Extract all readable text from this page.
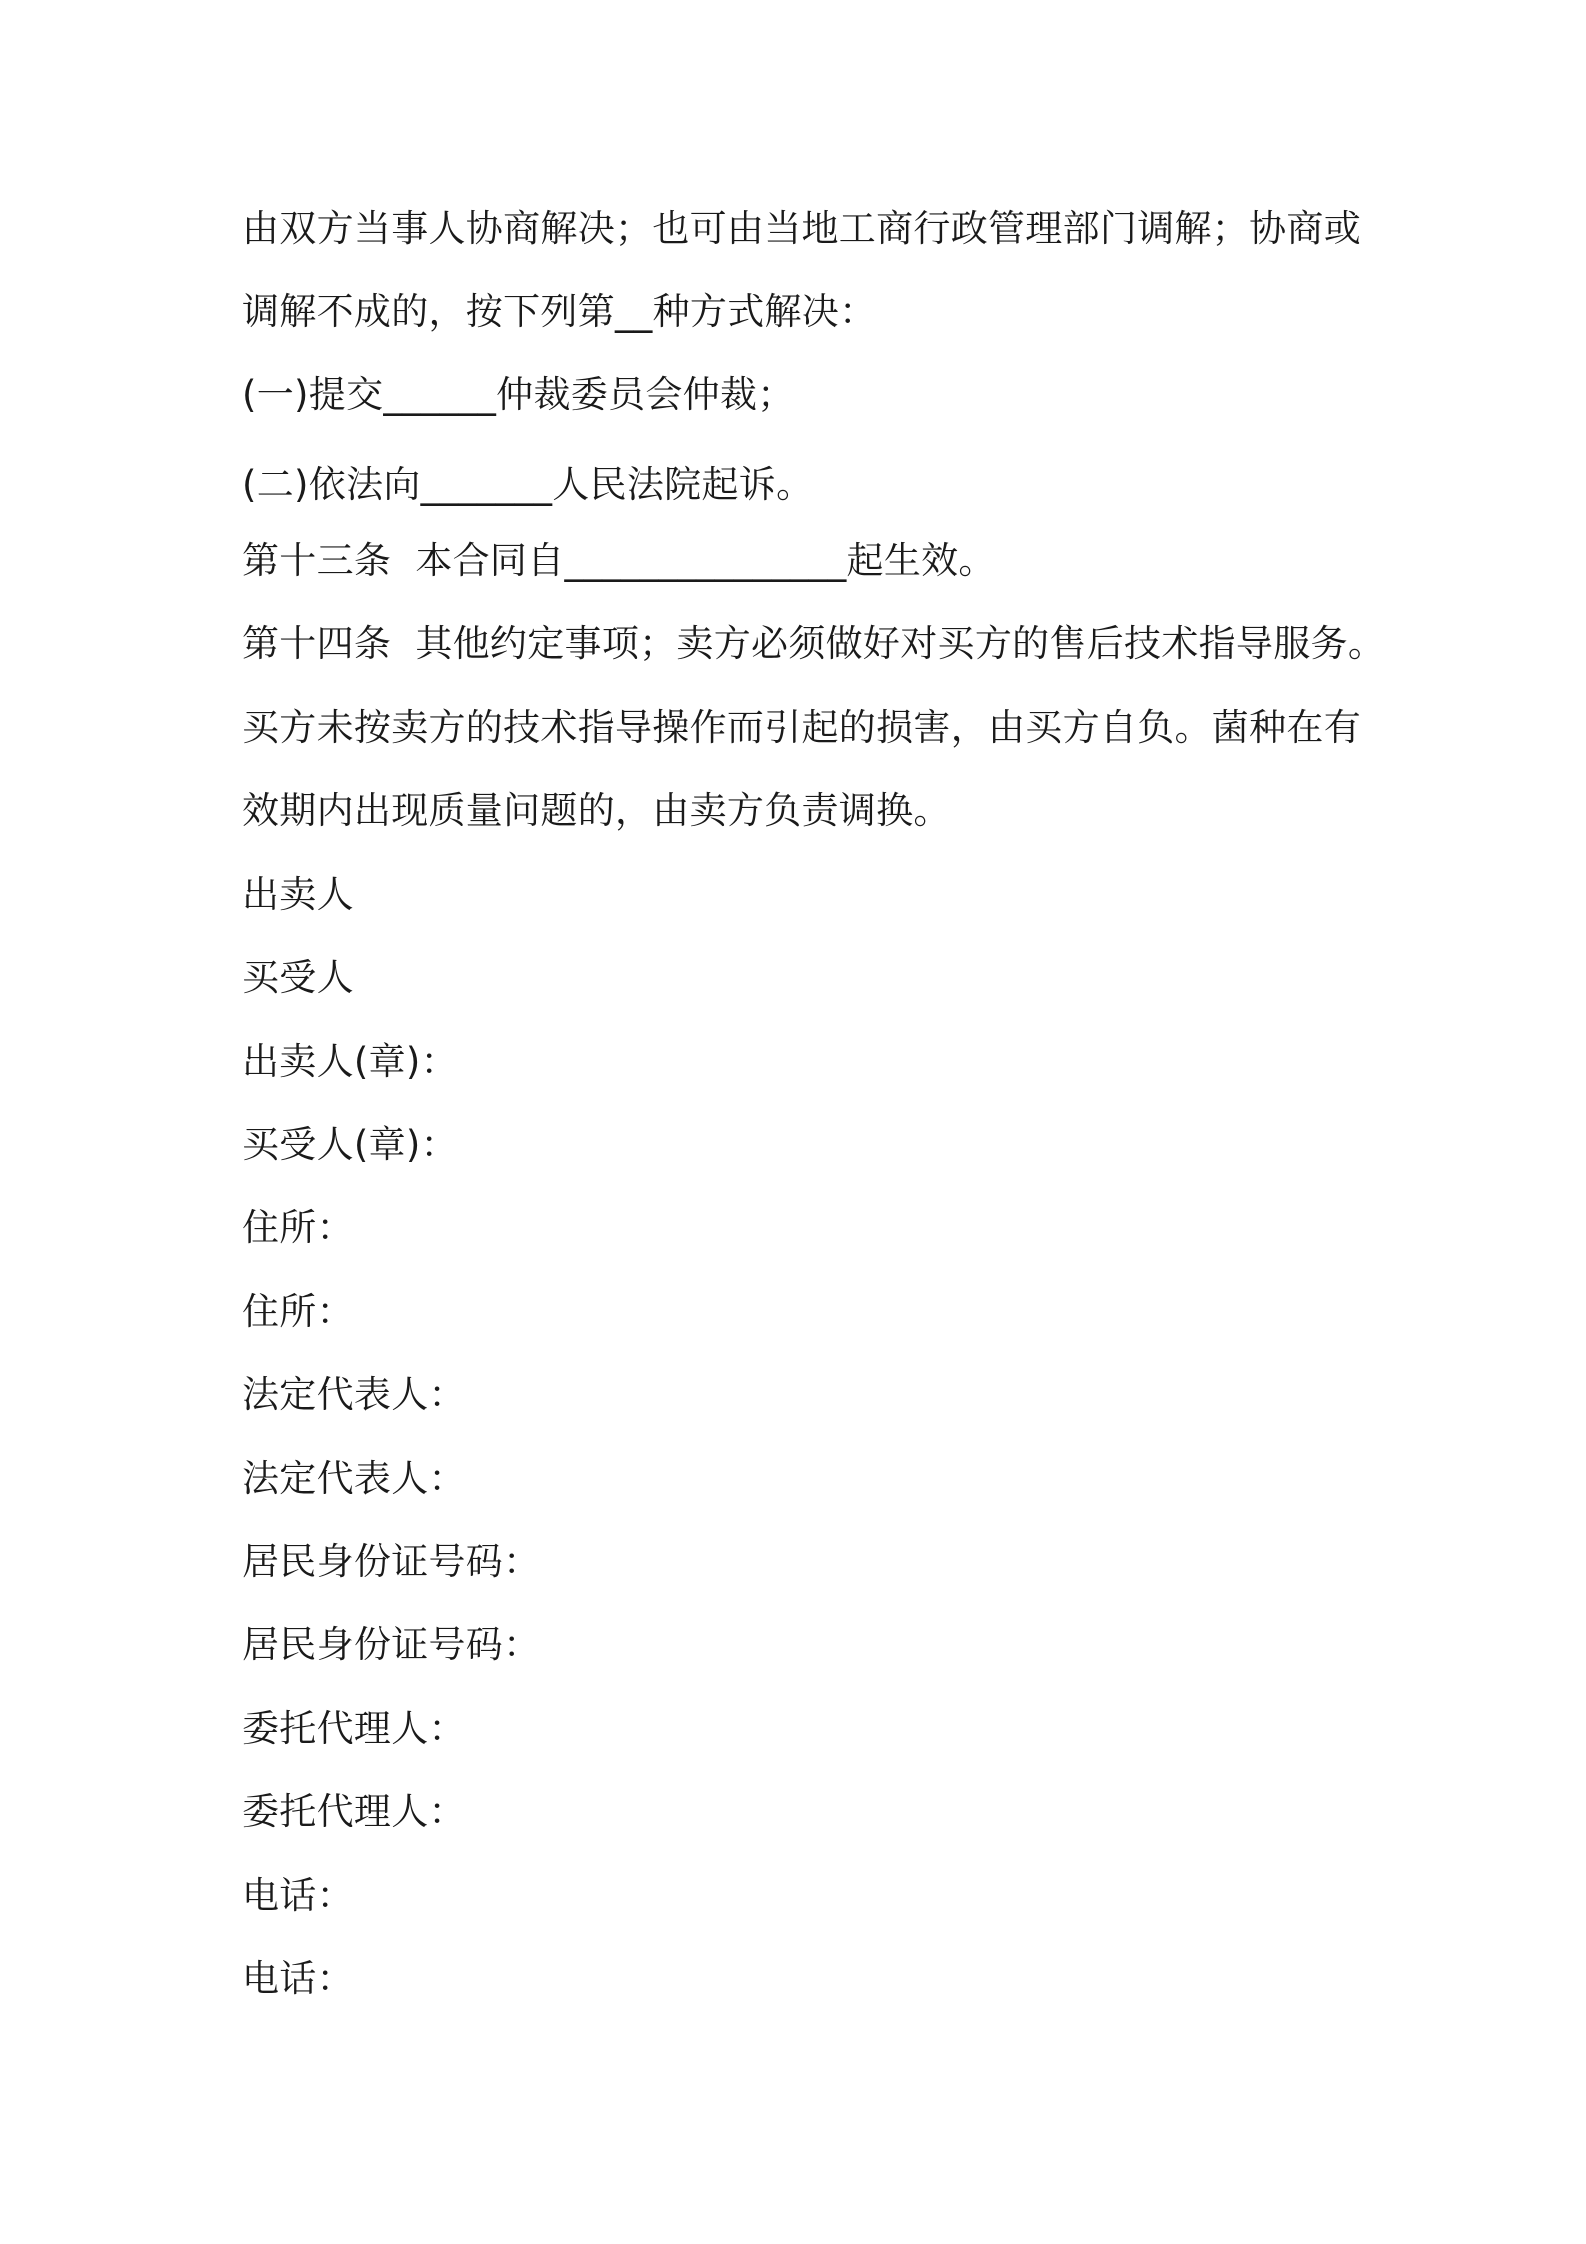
由双方当事人协商解决；也可由当地工商行政管理部门调解；协商或
调解不成的，按下列第__种方式解决：
(一)提交______仲裁委员会仲裁；
(二)依法向_______人民法院起诉。
第十三条  本合同自_______________起生效。
第十四条  其他约定事项；卖方必须做好对买方的售后技术指导服务。
买方未按卖方的技术指导操作而引起的损害，由买方自负。菌种在有
效期内出现质量问题的，由卖方负责调换。
出卖人
买受人
出卖人(章)：
买受人(章)：
住所：
住所：
法定代表人：
法定代表人：
居民身份证号码：
居民身份证号码：
委托代理人：
委托代理人：
电话：
电话：
